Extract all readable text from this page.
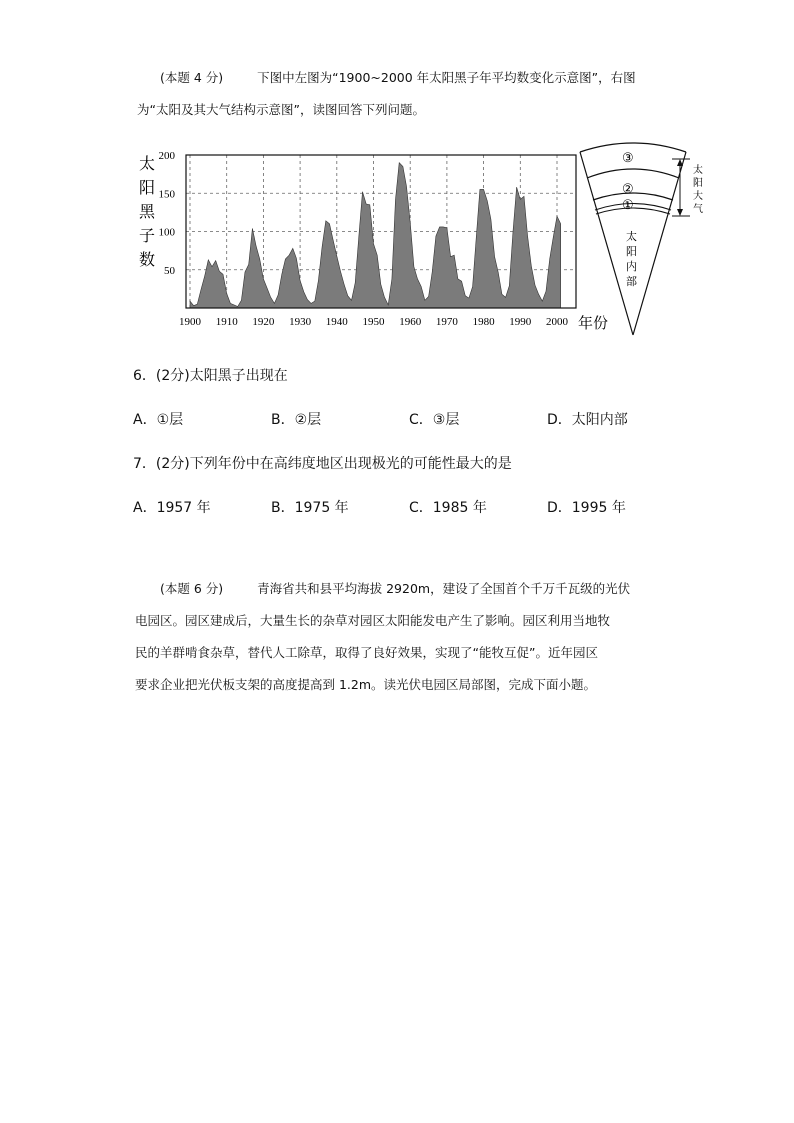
(本题 4 分)	下图中左图为“1900~2000 年太阳黑子年平均数变化示意图”，右图
为“太阳及其大气结构示意图”，读图回答下列问题。
50
100
150
200
1900 1910 1920 1930 1940 1950 1960 1970 1980 1990 2000
太
阳
黑
子
数
年份
③
②
①
太
阳
内
部
太
阳
大
气
6．(2分)太阳黑子出现在
A．①层	B．②层	C．③层	D．太阳内部
7．(2分)下列年份中在高纬度地区出现极光的可能性最大的是
A．1957 年	B．1975 年	C．1985 年	D．1995 年
(本题 6 分)	青海省共和县平均海拔 2920m，建设了全国首个千万千瓦级的光伏
电园区。园区建成后，大量生长的杂草对园区太阳能发电产生了影响。园区利用当地牧
民的羊群啃食杂草，替代人工除草，取得了良好效果，实现了“能牧互促”。近年园区
要求企业把光伏板支架的高度提高到 1.2m。读光伏电园区局部图，完成下面小题。
